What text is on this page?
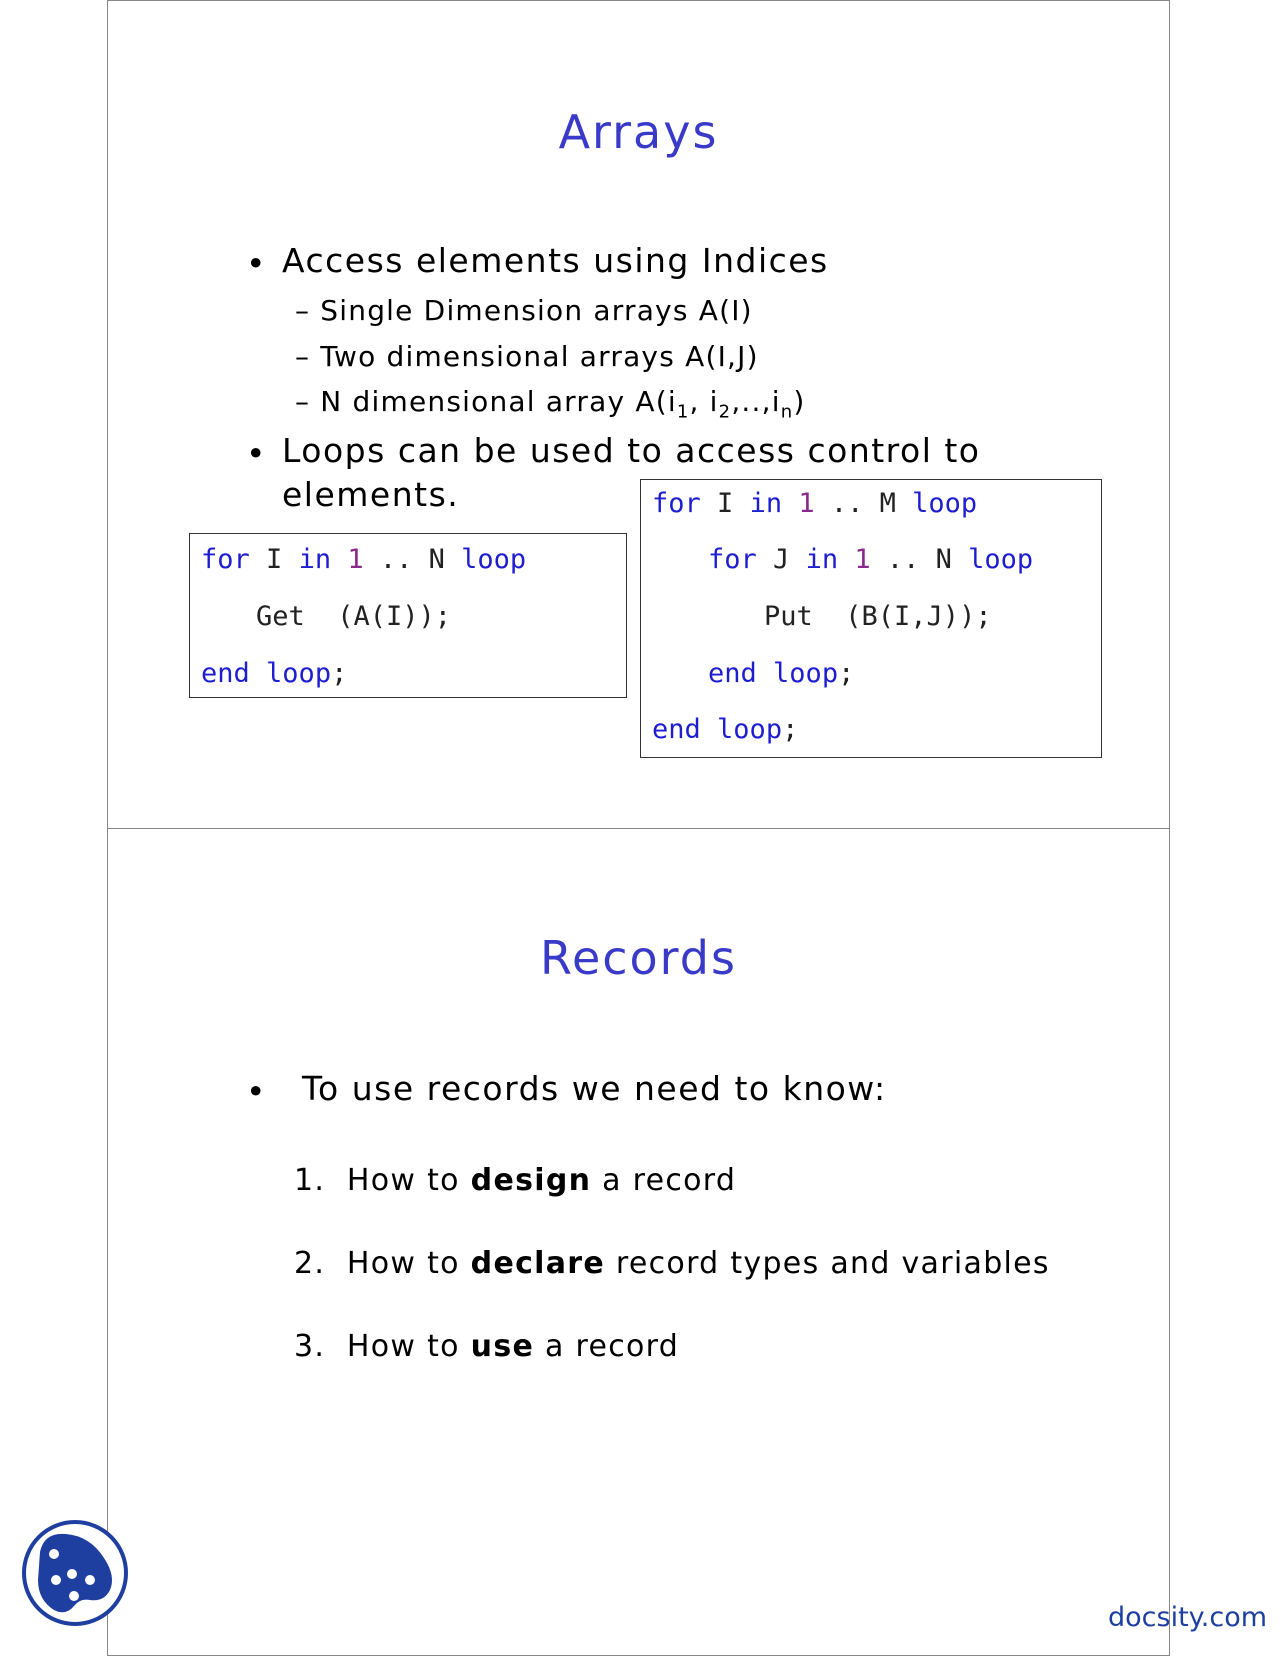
Arrays
• Access elements using Indices
– Single Dimension arrays A(I)
– Two dimensional arrays A(I,J)
– N dimensional array $A(i_1$, $i_2,..,i_n$)
• Loops can be used to access control to
elements.
for I in 1 .. N loop
Get  (A(I));
end loop;
for I in 1 .. M loop
for J in 1 .. N loop
Put  (B(I,J));
end loop;
end loop;
Records
• To use records we need to know:
1. How to design a record
2. How to declare record types and variables
3. How to use a record
docsity.com
